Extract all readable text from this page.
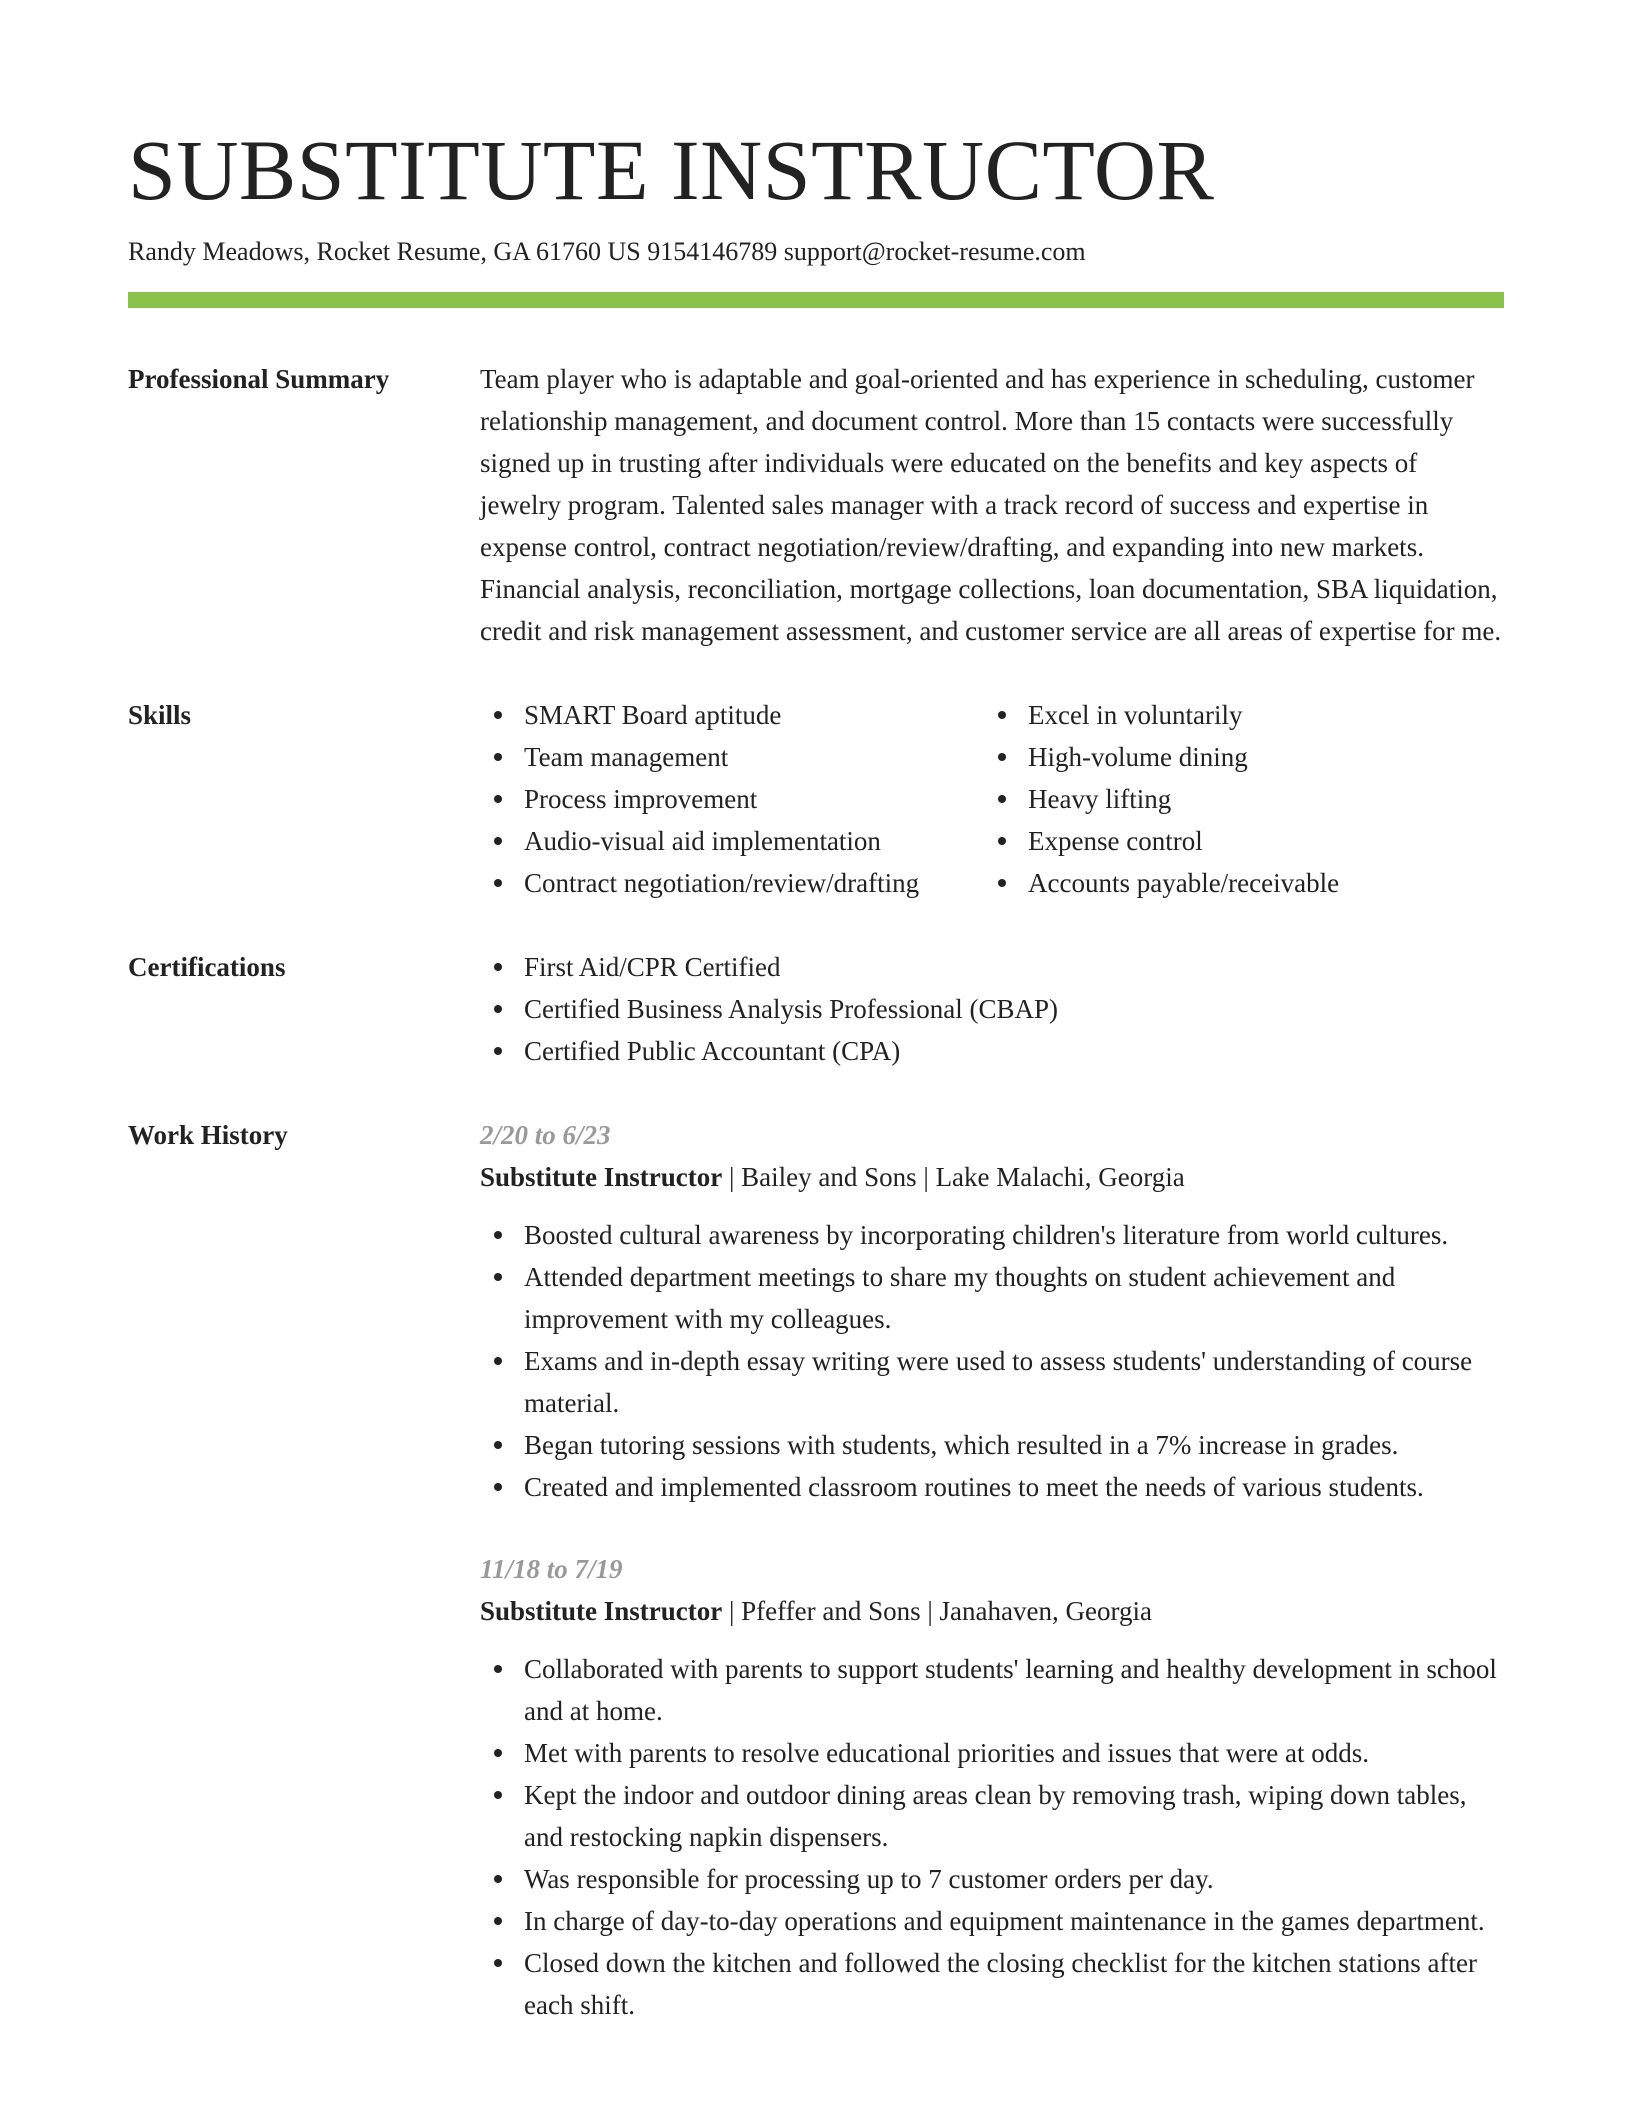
SUBSTITUTE INSTRUCTOR
Randy Meadows, Rocket Resume, GA 61760 US 9154146789 support@rocket-resume.com
Professional Summary	Team player who is adaptable and goal-oriented and has experience in scheduling, customer relationship management, and document control. More than 15 contacts were successfully signed up in trusting after individuals were educated on the benefits and key aspects of jewelry program. Talented sales manager with a track record of success and expertise in expense control, contract negotiation/review/drafting, and expanding into new markets. Financial analysis, reconciliation, mortgage collections, loan documentation, SBA liquidation, credit and risk management assessment, and customer service are all areas of expertise for me.

Skills	SMART Board aptitude
Team management
Process improvement
Audio-visual aid implementation
Contract negotiation/review/drafting
Excel in voluntarily
High-volume dining
Heavy lifting
Expense control
Accounts payable/receivable
Certifications	First Aid/CPR Certified
Certified Business Analysis Professional (CBAP)
Certified Public Accountant (CPA)
Work History	2/20 to 6/23
Substitute Instructor | Bailey and Sons | Lake Malachi, Georgia
Boosted cultural awareness by incorporating children's literature from world cultures.
Attended department meetings to share my thoughts on student achievement and improvement with my colleagues.
Exams and in-depth essay writing were used to assess students' understanding of course material.
Began tutoring sessions with students, which resulted in a 7% increase in grades.
Created and implemented classroom routines to meet the needs of various students.
11/18 to 7/19
Substitute Instructor | Pfeffer and Sons | Janahaven, Georgia
Collaborated with parents to support students' learning and healthy development in school and at home.
Met with parents to resolve educational priorities and issues that were at odds.
Kept the indoor and outdoor dining areas clean by removing trash, wiping down tables, and restocking napkin dispensers.
Was responsible for processing up to 7 customer orders per day.
In charge of day-to-day operations and equipment maintenance in the games department.
Closed down the kitchen and followed the closing checklist for the kitchen stations after each shift.
